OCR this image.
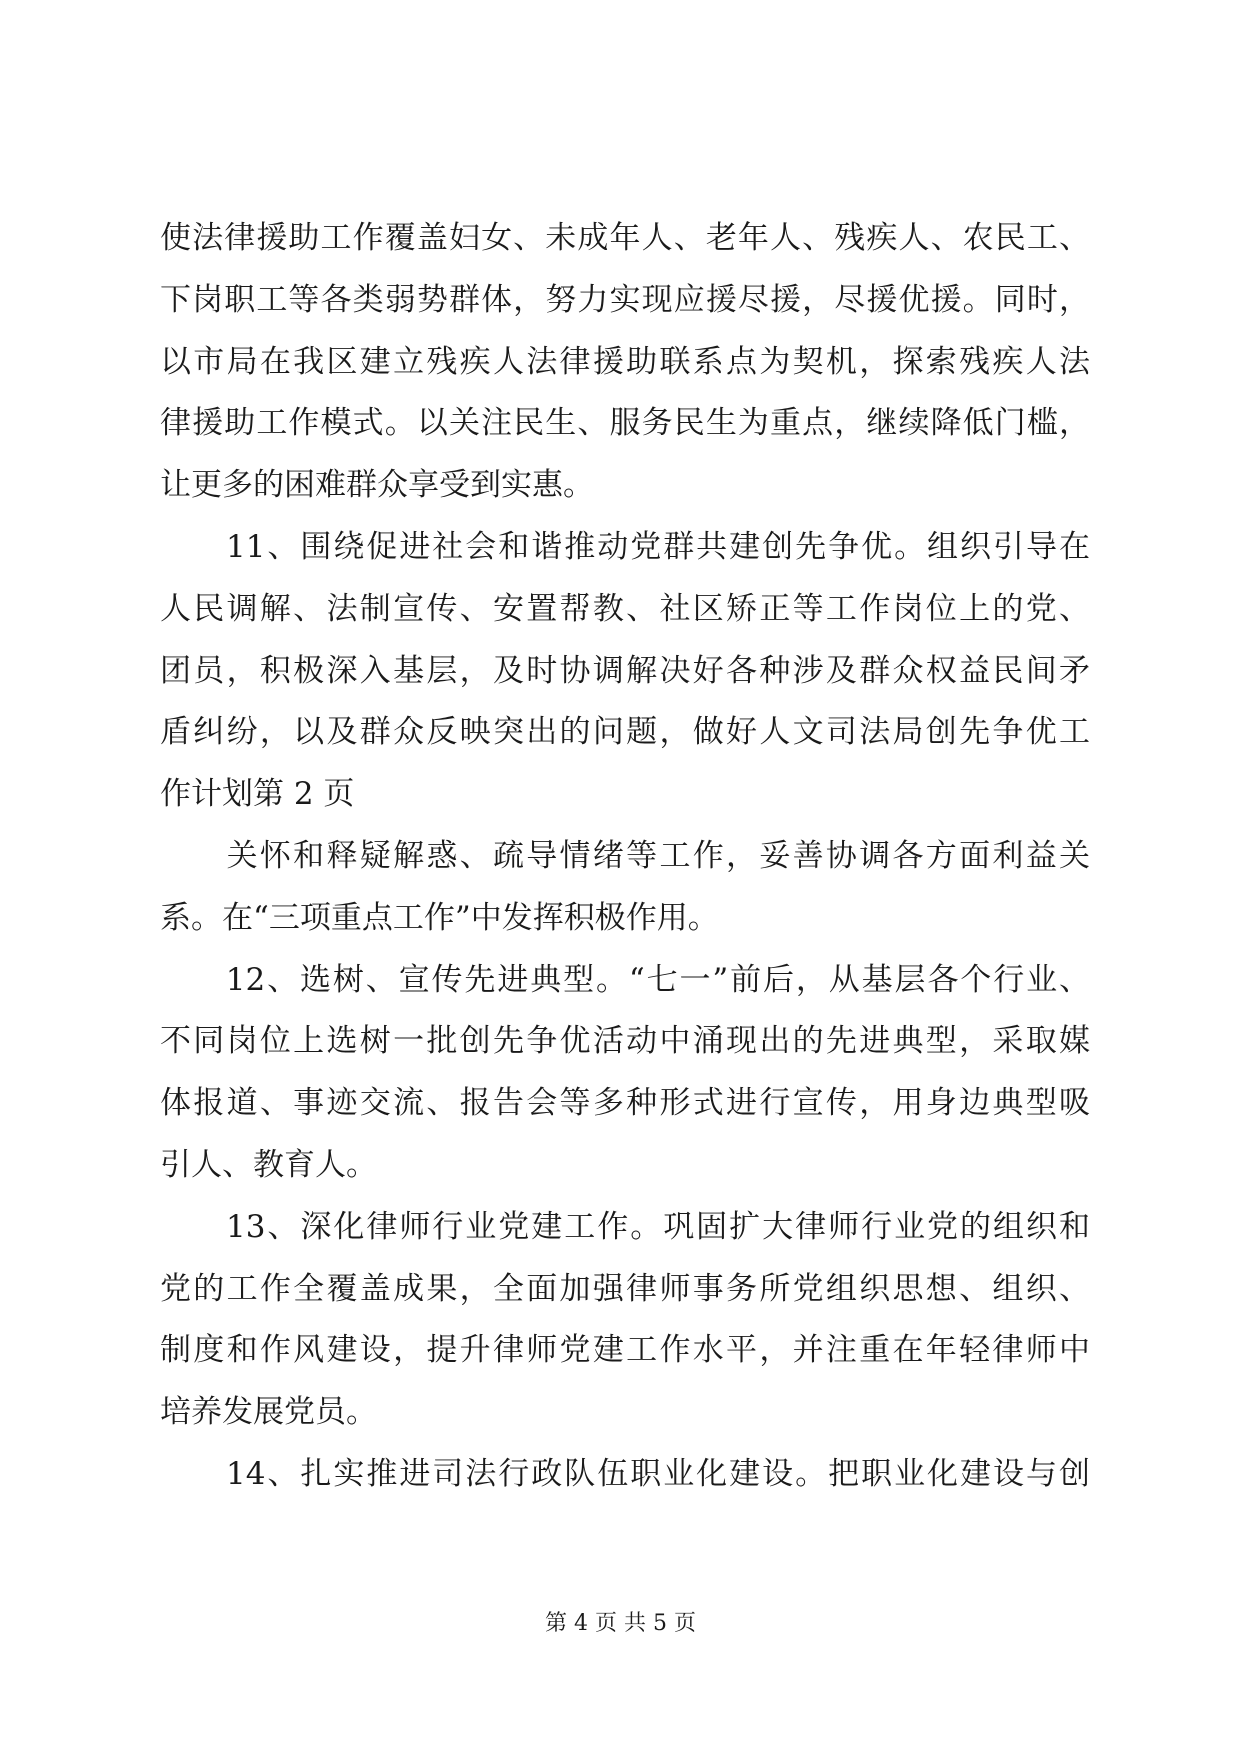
使法律援助工作覆盖妇女、未成年人、老年人、残疾人、农民工、
下岗职工等各类弱势群体，努力实现应援尽援，尽援优援。同时，
以市局在我区建立残疾人法律援助联系点为契机，探索残疾人法
律援助工作模式。以关注民生、服务民生为重点，继续降低门槛，
让更多的困难群众享受到实惠。
　　11、围绕促进社会和谐推动党群共建创先争优。组织引导在
人民调解、法制宣传、安置帮教、社区矫正等工作岗位上的党、
团员，积极深入基层，及时协调解决好各种涉及群众权益民间矛
盾纠纷，以及群众反映突出的问题，做好人文司法局创先争优工
作计划第 2 页
　　关怀和释疑解惑、疏导情绪等工作，妥善协调各方面利益关
系。在“三项重点工作”中发挥积极作用。
　　12、选树、宣传先进典型。“七一”前后，从基层各个行业、
不同岗位上选树一批创先争优活动中涌现出的先进典型，采取媒
体报道、事迹交流、报告会等多种形式进行宣传，用身边典型吸
引人、教育人。
　　13、深化律师行业党建工作。巩固扩大律师行业党的组织和
党的工作全覆盖成果，全面加强律师事务所党组织思想、组织、
制度和作风建设，提升律师党建工作水平，并注重在年轻律师中
培养发展党员。
　　14、扎实推进司法行政队伍职业化建设。把职业化建设与创
第 4 页 共 5 页
